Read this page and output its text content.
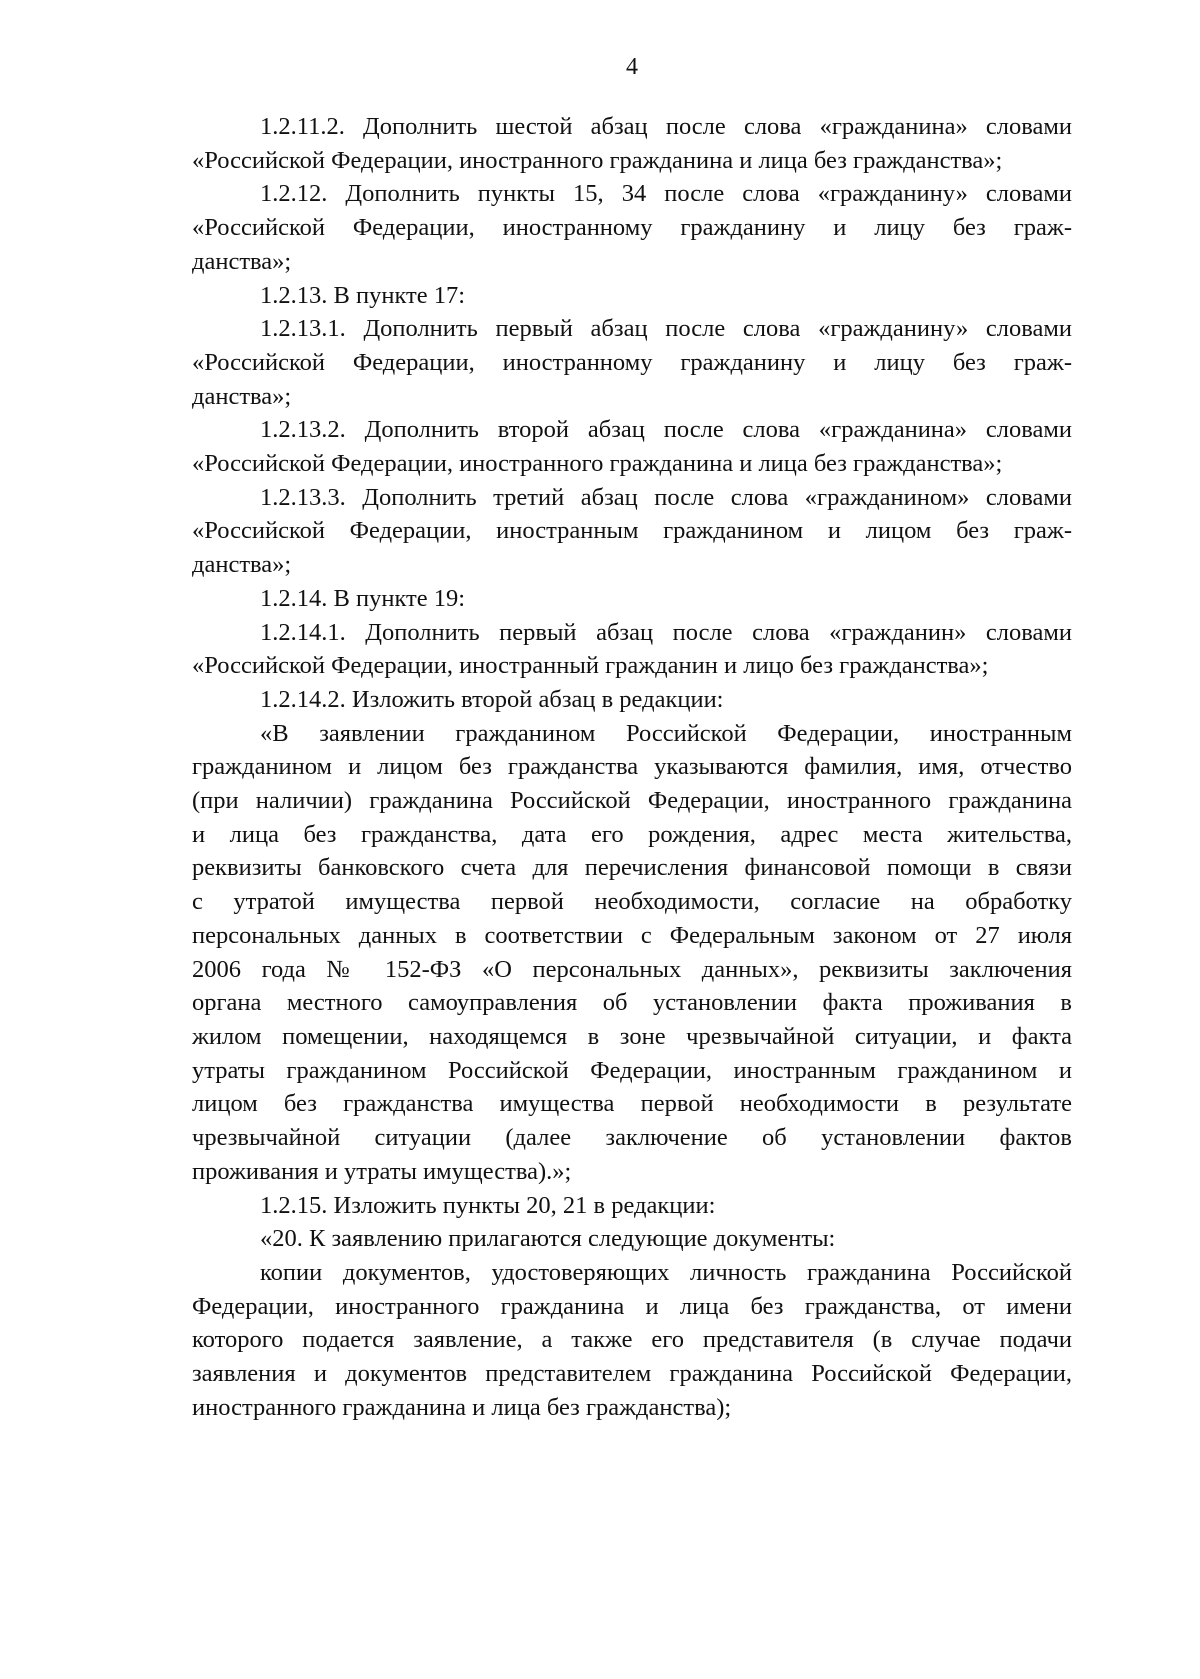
4
1.2.11.2. Дополнить шестой абзац после слова «гражданина» словами
«Российской Федерации, иностранного гражданина и лица без гражданства»;
1.2.12. Дополнить пункты 15, 34 после слова «гражданину» словами
«Российской Федерации, иностранному гражданину и лицу без граж-
данства»;
1.2.13. В пункте 17:
1.2.13.1. Дополнить первый абзац после слова «гражданину» словами
«Российской Федерации, иностранному гражданину и лицу без граж-
данства»;
1.2.13.2. Дополнить второй абзац после слова «гражданина» словами
«Российской Федерации, иностранного гражданина и лица без гражданства»;
1.2.13.3. Дополнить третий абзац после слова «гражданином» словами
«Российской Федерации, иностранным гражданином и лицом без граж-
данства»;
1.2.14. В пункте 19:
1.2.14.1. Дополнить первый абзац после слова «гражданин» словами
«Российской Федерации, иностранный гражданин и лицо без гражданства»;
1.2.14.2. Изложить второй абзац в редакции:
«В заявлении гражданином Российской Федерации, иностранным
гражданином и лицом без гражданства указываются фамилия, имя, отчество
(при наличии) гражданина Российской Федерации, иностранного гражданина
и лица без гражданства, дата его рождения, адрес места жительства,
реквизиты банковского счета для перечисления финансовой помощи в связи
с утратой имущества первой необходимости, согласие на обработку
персональных данных в соответствии с Федеральным законом от 27 июля
2006 года № 152-ФЗ «О персональных данных», реквизиты заключения
органа местного самоуправления об установлении факта проживания в
жилом помещении, находящемся в зоне чрезвычайной ситуации, и факта
утраты гражданином Российской Федерации, иностранным гражданином и
лицом без гражданства имущества первой необходимости в результате
чрезвычайной ситуации (далее заключение об установлении фактов
проживания и утраты имущества).»;
1.2.15. Изложить пункты 20, 21 в редакции:
«20. К заявлению прилагаются следующие документы:
копии документов, удостоверяющих личность гражданина Российской
Федерации, иностранного гражданина и лица без гражданства, от имени
которого подается заявление, а также его представителя (в случае подачи
заявления и документов представителем гражданина Российской Федерации,
иностранного гражданина и лица без гражданства);
